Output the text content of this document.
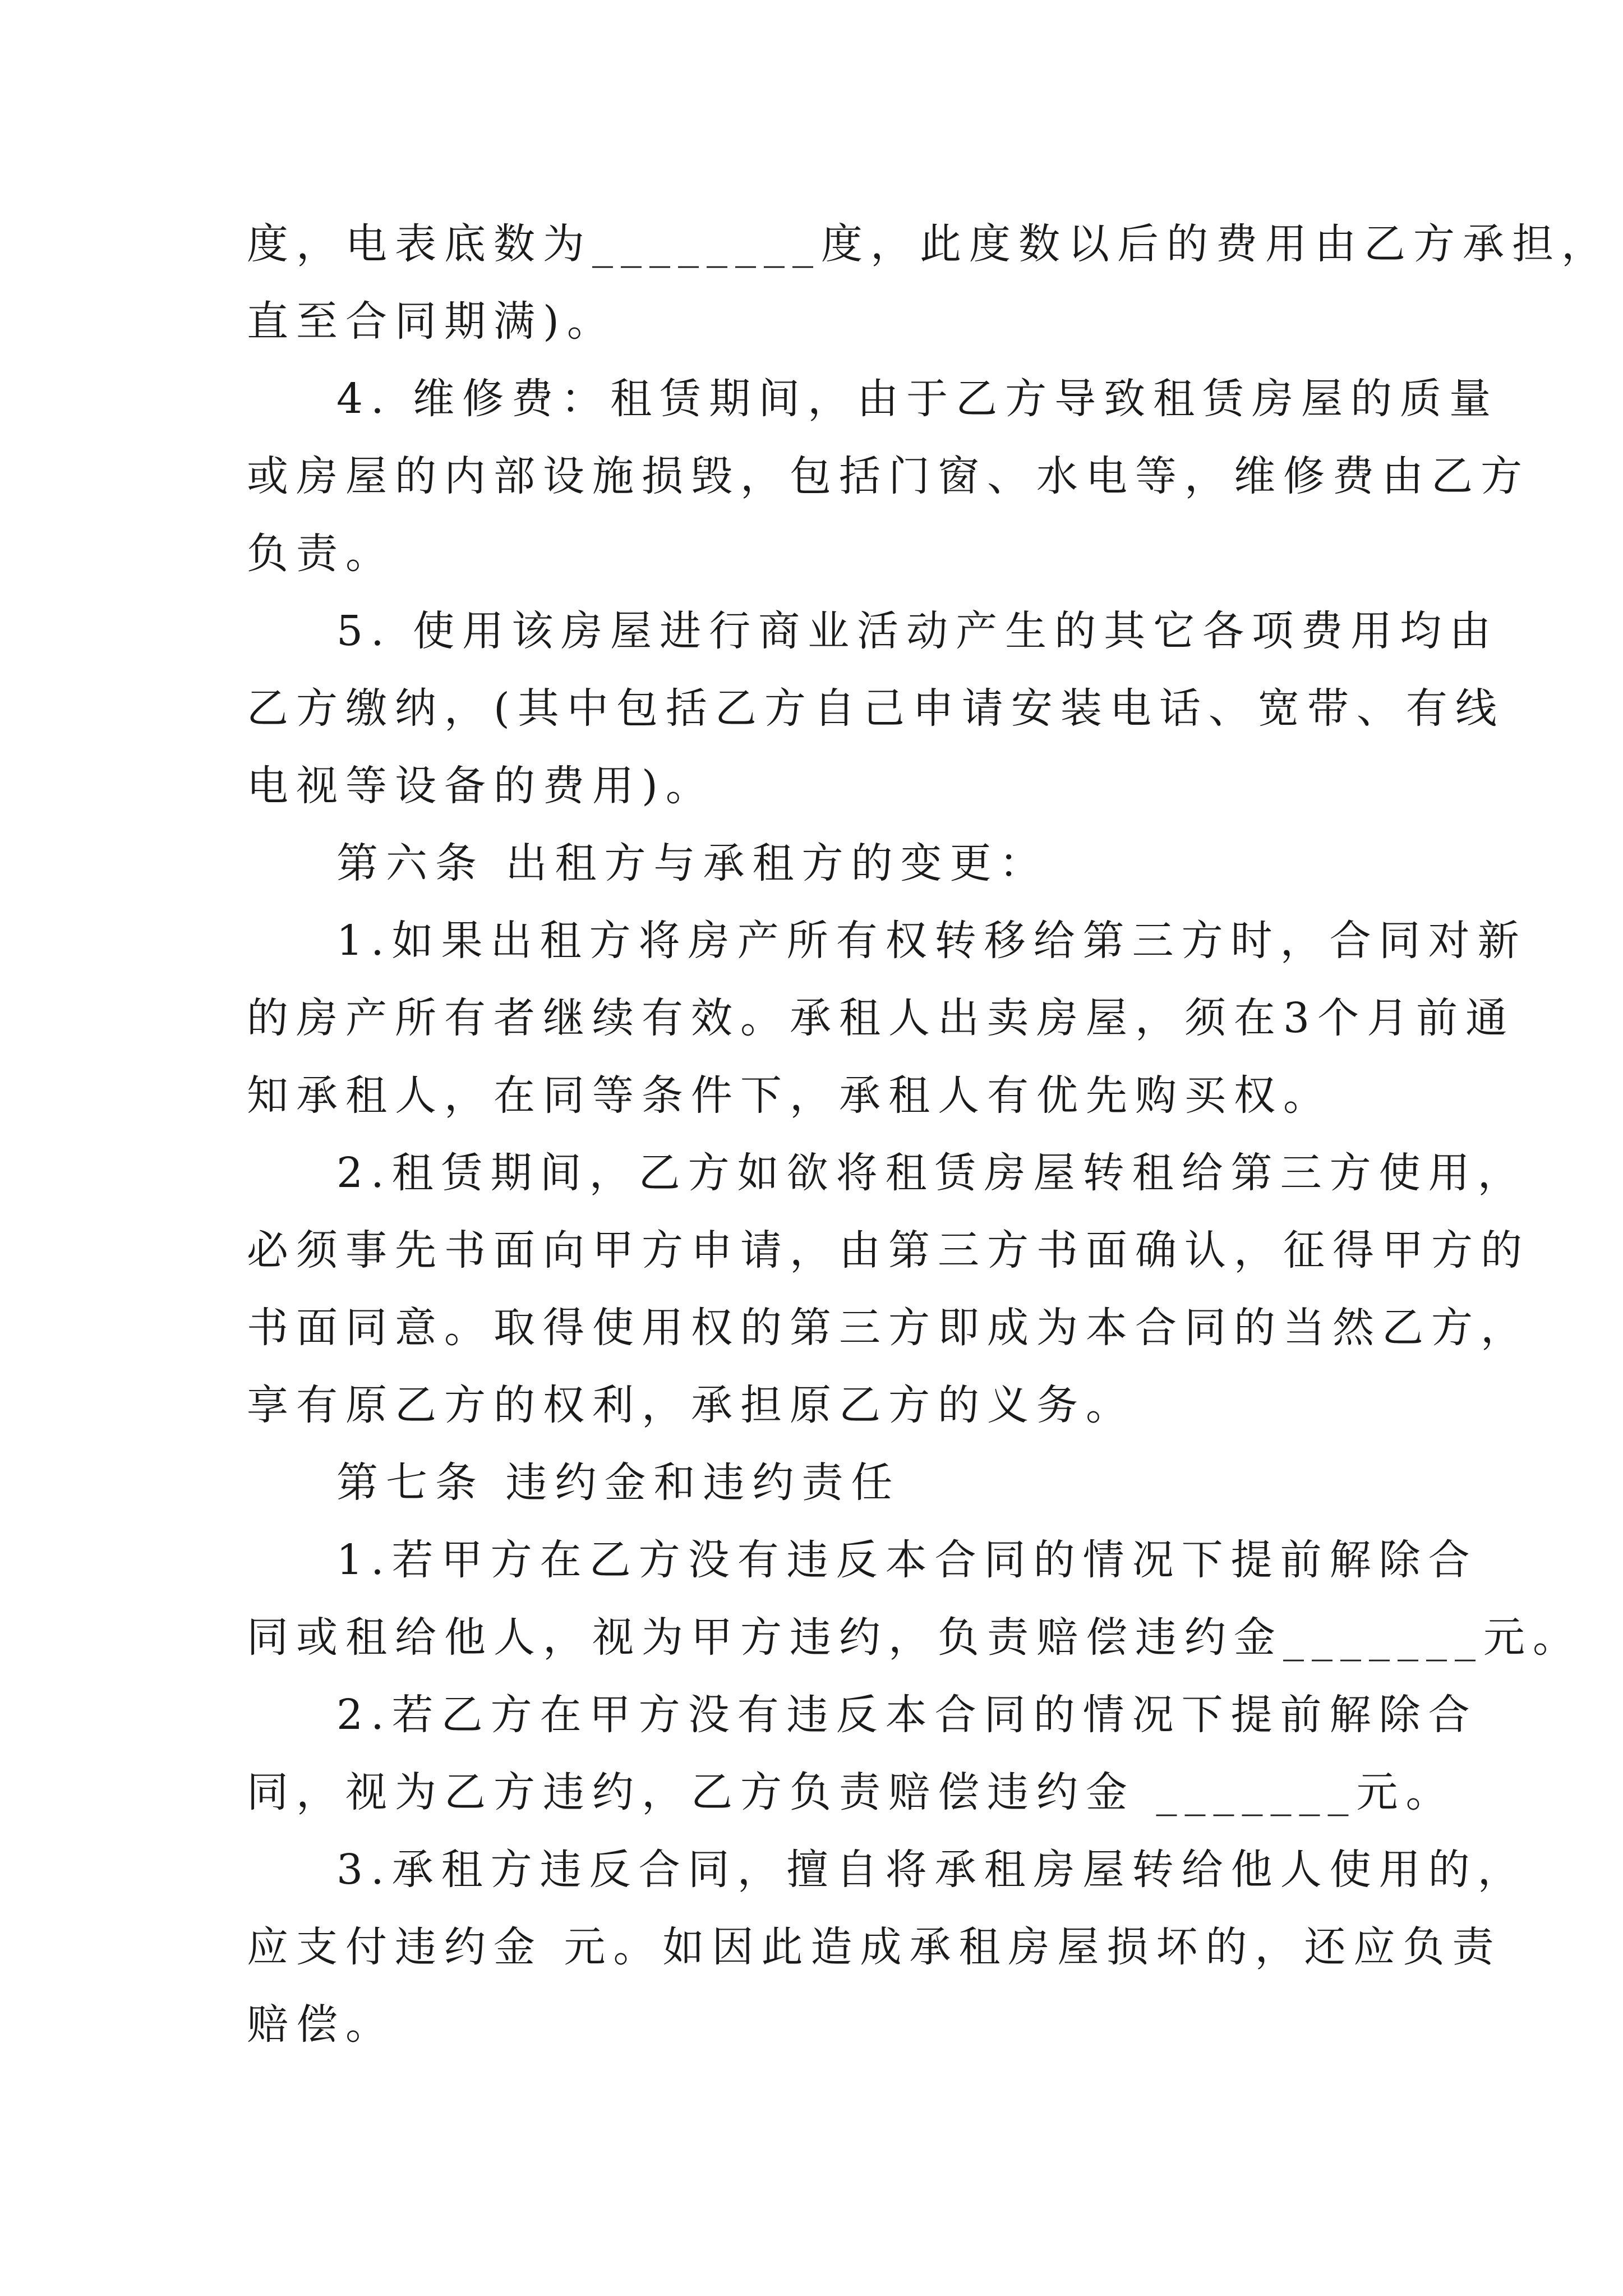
度，电表底数为________度，此度数以后的费用由乙方承担，
直至合同期满)。
4. 维修费：租赁期间，由于乙方导致租赁房屋的质量
或房屋的内部设施损毁，包括门窗、水电等，维修费由乙方
负责。
5. 使用该房屋进行商业活动产生的其它各项费用均由
乙方缴纳，(其中包括乙方自己申请安装电话、宽带、有线
电视等设备的费用)。
第六条 出租方与承租方的变更：
1.如果出租方将房产所有权转移给第三方时，合同对新
的房产所有者继续有效。承租人出卖房屋，须在3个月前通
知承租人，在同等条件下，承租人有优先购买权。
2.租赁期间，乙方如欲将租赁房屋转租给第三方使用，
必须事先书面向甲方申请，由第三方书面确认，征得甲方的
书面同意。取得使用权的第三方即成为本合同的当然乙方，
享有原乙方的权利，承担原乙方的义务。
第七条 违约金和违约责任
1.若甲方在乙方没有违反本合同的情况下提前解除合
同或租给他人，视为甲方违约，负责赔偿违约金_______元。
2.若乙方在甲方没有违反本合同的情况下提前解除合
同，视为乙方违约，乙方负责赔偿违约金 _______元。
3.承租方违反合同，擅自将承租房屋转给他人使用的，
应支付违约金 元。如因此造成承租房屋损坏的，还应负责
赔偿。
